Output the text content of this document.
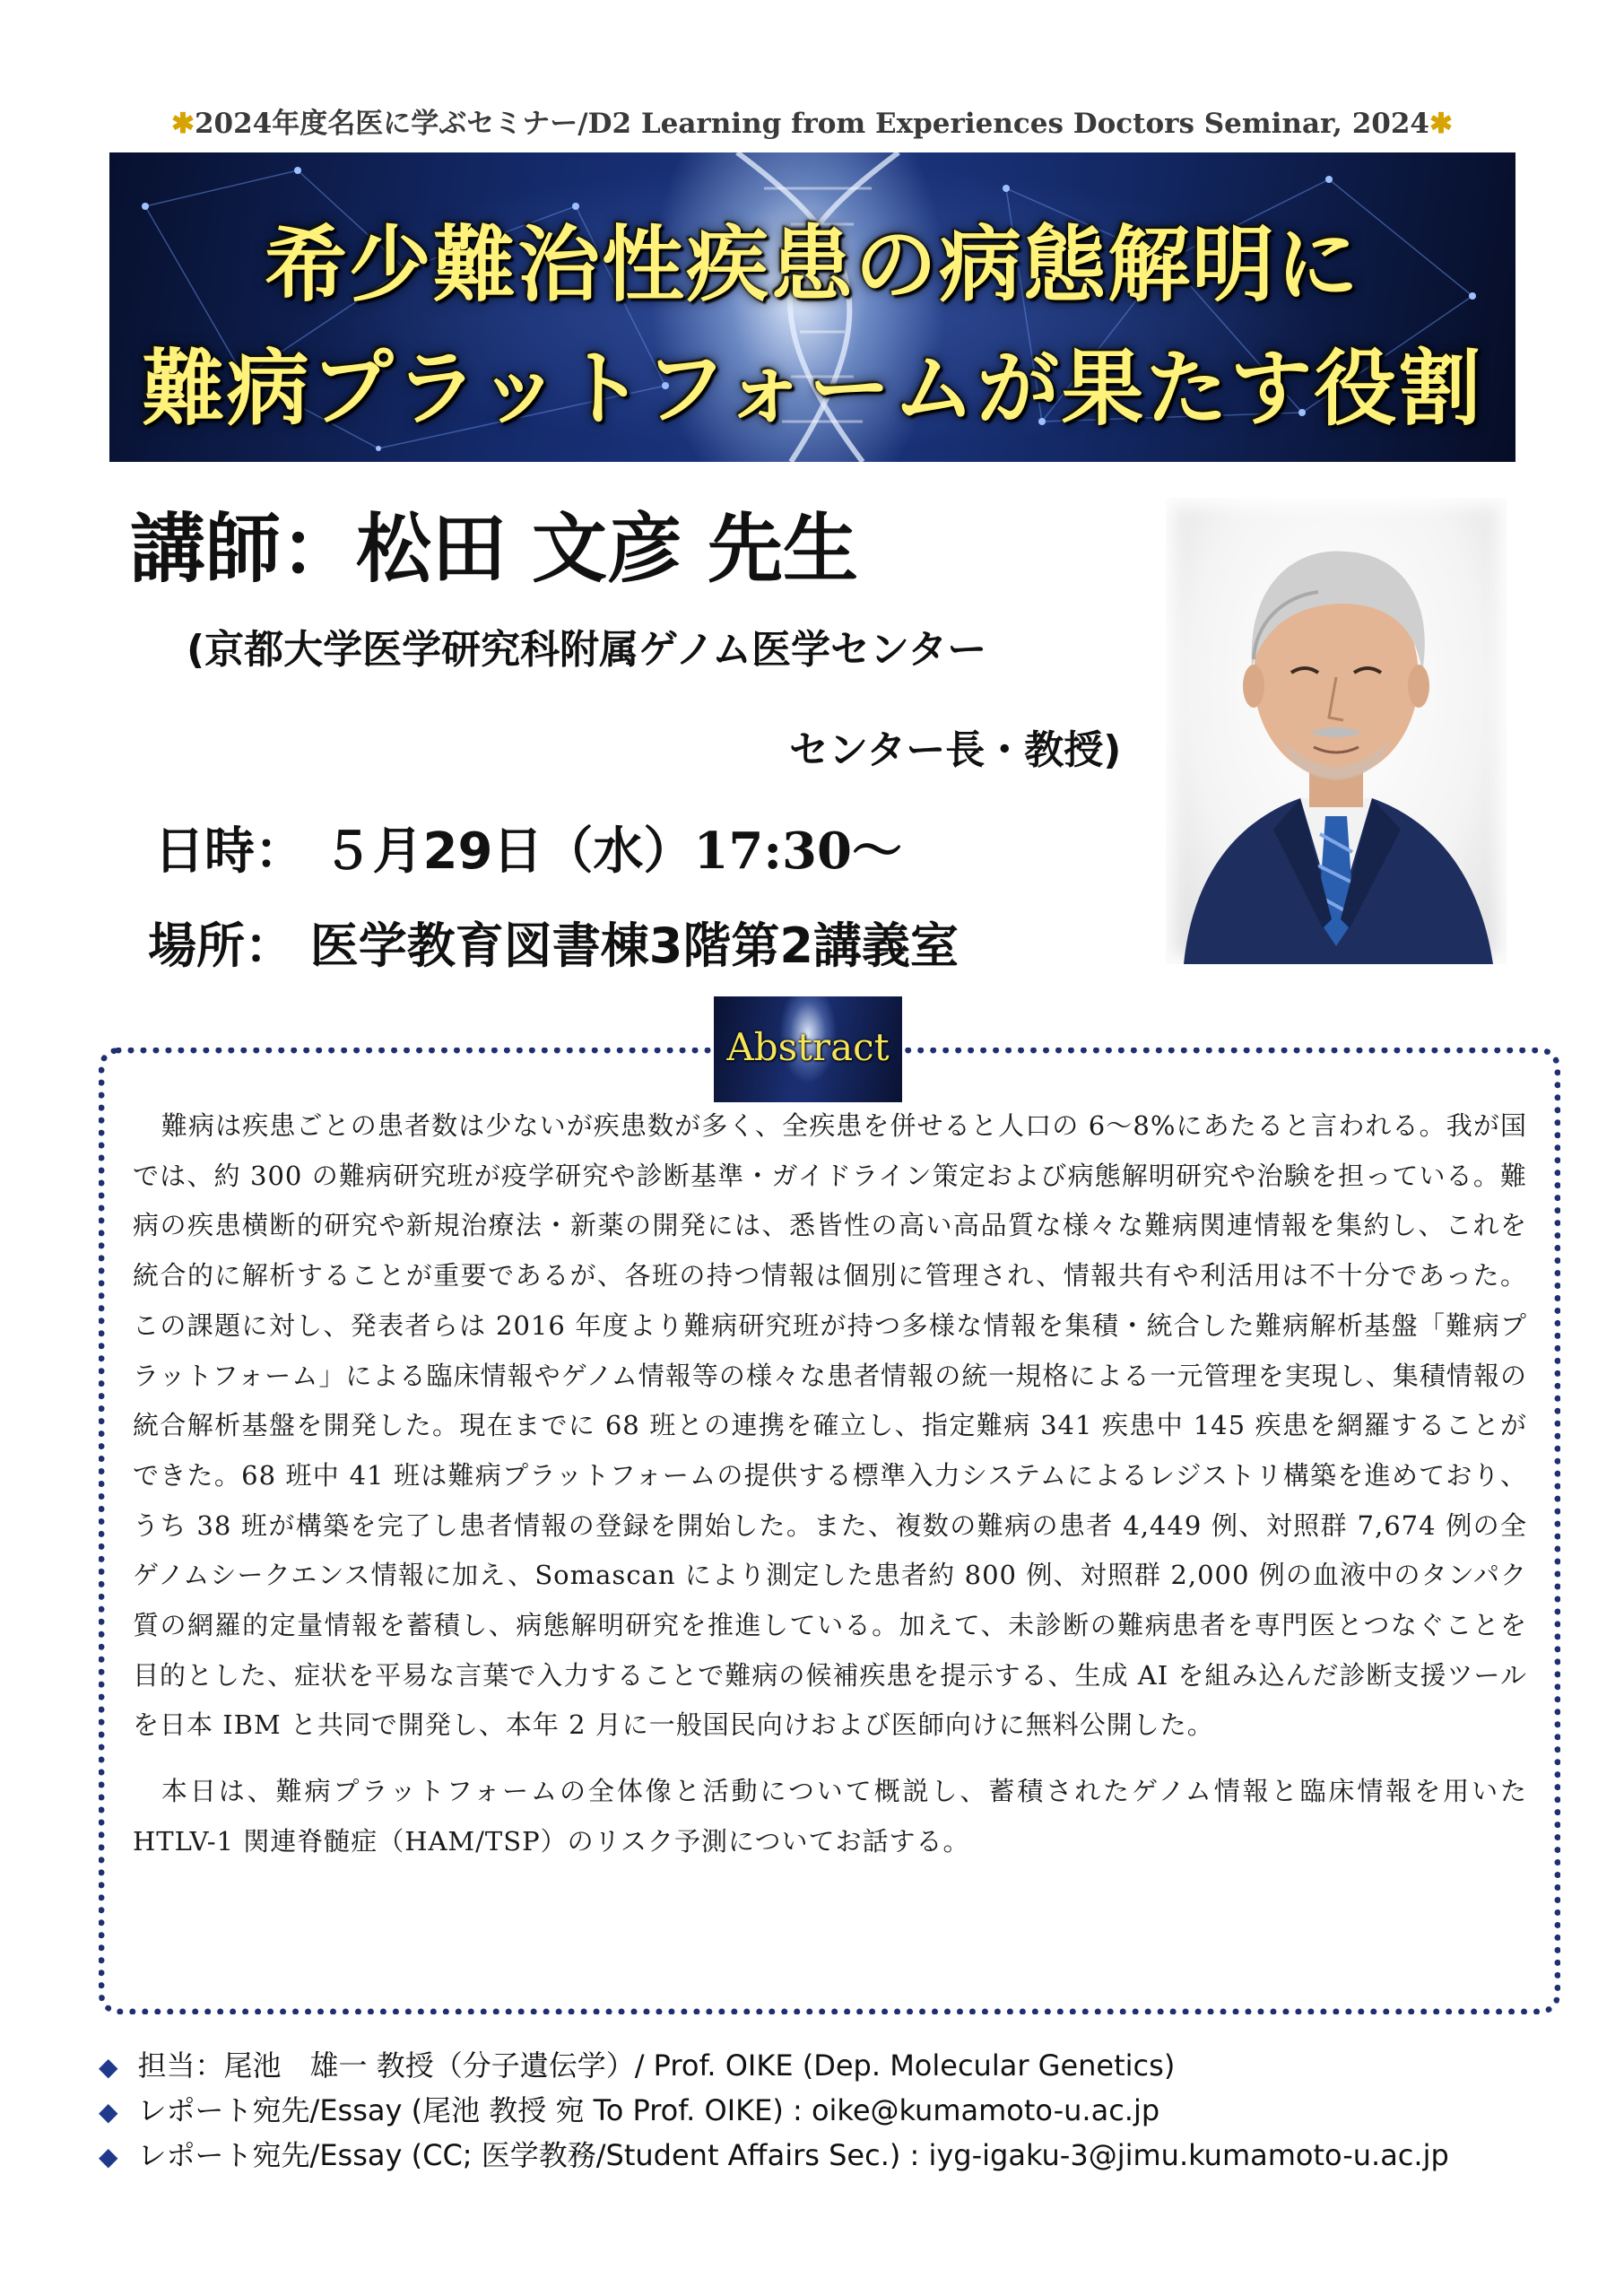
✱2024年度名医に学ぶセミナー/D2 Learning from Experiences Doctors Seminar, 2024✱
希少難治性疾患の病態解明に
難病プラットフォームが果たす役割
講師：松田 文彦 先生
(京都大学医学研究科附属ゲノム医学センター
センター長・教授)
日時： ５月29日（水）17:30〜
場所： 医学教育図書棟3階第2講義室
Abstract

難病は疾患ごとの患者数は少ないが疾患数が多く、全疾患を併せると人口の 6〜8%にあたると言われる。我が国では、約 300 の難病研究班が疫学研究や診断基準・ガイドライン策定および病態解明研究や治験を担っている。難病の疾患横断的研究や新規治療法・新薬の開発には、悉皆性の高い高品質な様々な難病関連情報を集約し、これを統合的に解析することが重要であるが、各班の持つ情報は個別に管理され、情報共有や利活用は不十分であった。この課題に対し、発表者らは 2016 年度より難病研究班が持つ多様な情報を集積・統合した難病解析基盤「難病プラットフォーム」による臨床情報やゲノム情報等の様々な患者情報の統一規格による一元管理を実現し、集積情報の統合解析基盤を開発した。現在までに 68 班との連携を確立し、指定難病 341 疾患中 145 疾患を網羅することができた。68 班中 41 班は難病プラットフォームの提供する標準入力システムによるレジストリ構築を進めており、うち 38 班が構築を完了し患者情報の登録を開始した。また、複数の難病の患者 4,449 例、対照群 7,674 例の全ゲノムシークエンス情報に加え、Somascan により測定した患者約 800 例、対照群 2,000 例の血液中のタンパク質の網羅的定量情報を蓄積し、病態解明研究を推進している。加えて、未診断の難病患者を専門医とつなぐことを目的とした、症状を平易な言葉で入力することで難病の候補疾患を提示する、生成 AI を組み込んだ診断支援ツールを日本 IBM と共同で開発し、本年 2 月に一般国民向けおよび医師向けに無料公開した。

本日は、難病プラットフォームの全体像と活動について概説し、蓄積されたゲノム情報と臨床情報を用いた HTLV-1 関連脊髄症（HAM/TSP）のリスク予測についてお話する。

◆ 担当：尾池　雄一 教授（分子遺伝学）/ Prof. OIKE (Dep. Molecular Genetics)
◆ レポート宛先/Essay (尾池 教授 宛 To Prof. OIKE) : oike@kumamoto-u.ac.jp
◆ レポート宛先/Essay (CC; 医学教務/Student Affairs Sec.) : iyg-igaku-3@jimu.kumamoto-u.ac.jp
